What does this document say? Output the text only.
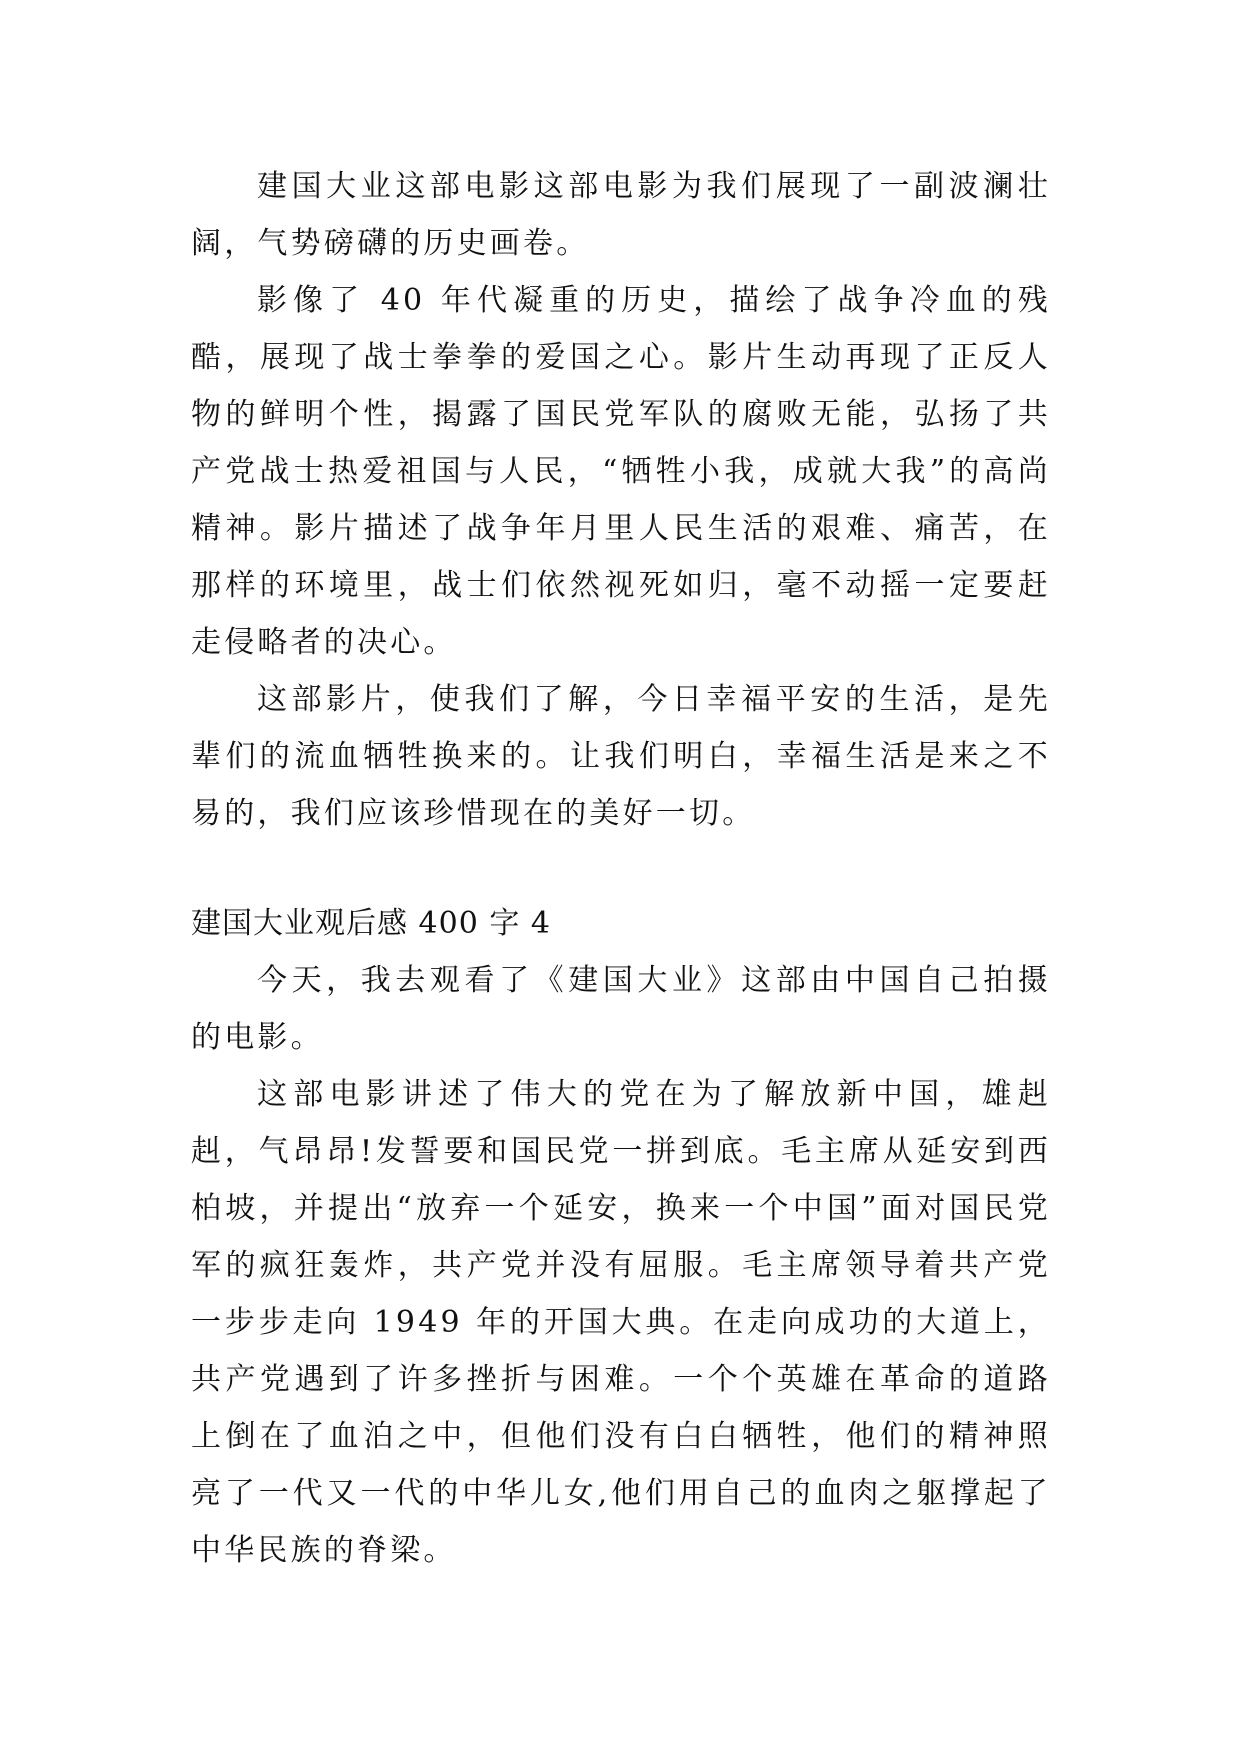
建国大业这部电影这部电影为我们展现了一副波澜壮阔，气势磅礴的历史画卷。

影像了 40 年代凝重的历史，描绘了战争冷血的残酷，展现了战士拳拳的爱国之心。影片生动再现了正反人物的鲜明个性，揭露了国民党军队的腐败无能，弘扬了共产党战士热爱祖国与人民，“牺牲小我，成就大我”的高尚精神。影片描述了战争年月里人民生活的艰难、痛苦，在那样的环境里，战士们依然视死如归，毫不动摇一定要赶走侵略者的决心。

这部影片，使我们了解，今日幸福平安的生活，是先辈们的流血牺牲换来的。让我们明白，幸福生活是来之不易的，我们应该珍惜现在的美好一切。

建国大业观后感 400 字 4

今天，我去观看了《建国大业》这部由中国自己拍摄的电影。

这部电影讲述了伟大的党在为了解放新中国，雄赳赳，气昂昂!发誓要和国民党一拼到底。毛主席从延安到西柏坡，并提出“放弃一个延安，换来一个中国”面对国民党军的疯狂轰炸，共产党并没有屈服。毛主席领导着共产党一步步走向 1949 年的开国大典。在走向成功的大道上，共产党遇到了许多挫折与困难。一个个英雄在革命的道路上倒在了血泊之中，但他们没有白白牺牲，他们的精神照亮了一代又一代的中华儿女,他们用自己的血肉之躯撑起了中华民族的脊梁。
